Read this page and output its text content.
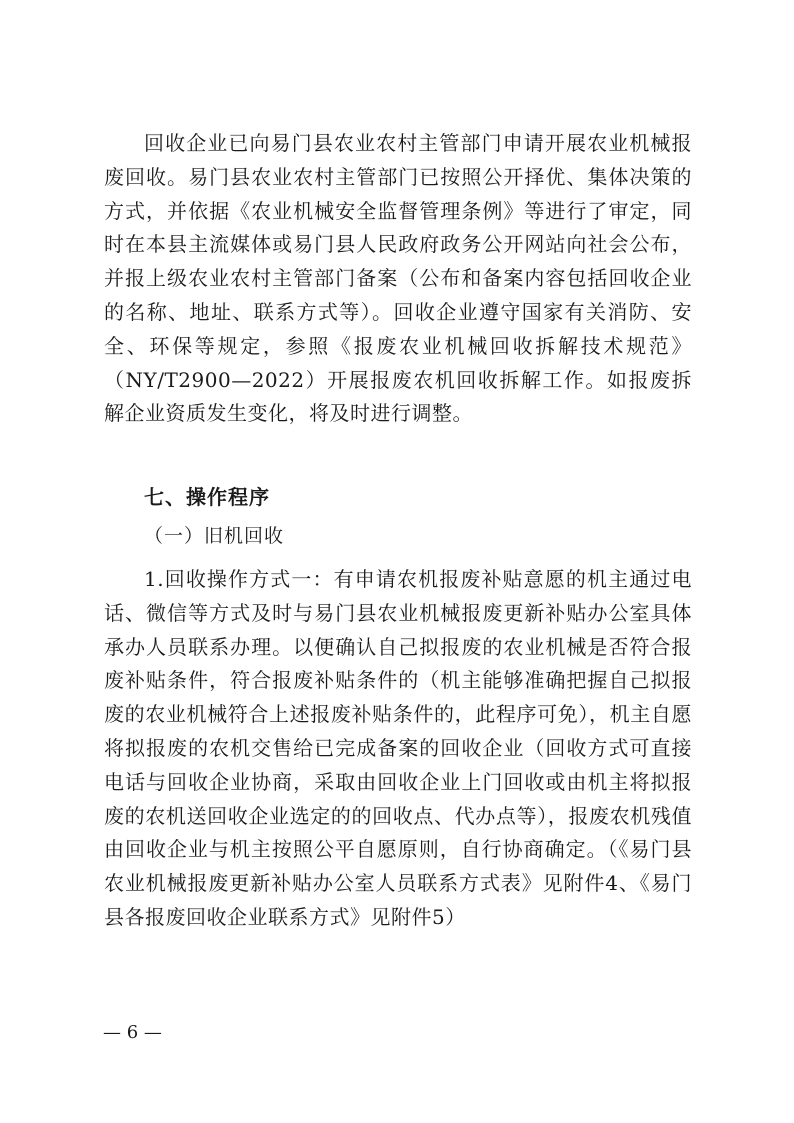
回收企业已向易门县农业农村主管部门申请开展农业机械报废回收。易门县农业农村主管部门已按照公开择优、集体决策的方式，并依据《农业机械安全监督管理条例》等进行了审定，同时在本县主流媒体或易门县人民政府政务公开网站向社会公布，并报上级农业农村主管部门备案（公布和备案内容包括回收企业的名称、地址、联系方式等）。回收企业遵守国家有关消防、安全、环保等规定，参照《报废农业机械回收拆解技术规范》（NY/T2900—2022）开展报废农机回收拆解工作。如报废拆解企业资质发生变化，将及时进行调整。

七、操作程序

（一）旧机回收

1.回收操作方式一：有申请农机报废补贴意愿的机主通过电话、微信等方式及时与易门县农业机械报废更新补贴办公室具体承办人员联系办理。以便确认自己拟报废的农业机械是否符合报废补贴条件，符合报废补贴条件的（机主能够准确把握自己拟报废的农业机械符合上述报废补贴条件的，此程序可免），机主自愿将拟报废的农机交售给已完成备案的回收企业（回收方式可直接电话与回收企业协商，采取由回收企业上门回收或由机主将拟报废的农机送回收企业选定的的回收点、代办点等），报废农机残值由回收企业与机主按照公平自愿原则，自行协商确定。（《易门县农业机械报废更新补贴办公室人员联系方式表》见附件4、《易门县各报废回收企业联系方式》见附件5）

— 6 —
